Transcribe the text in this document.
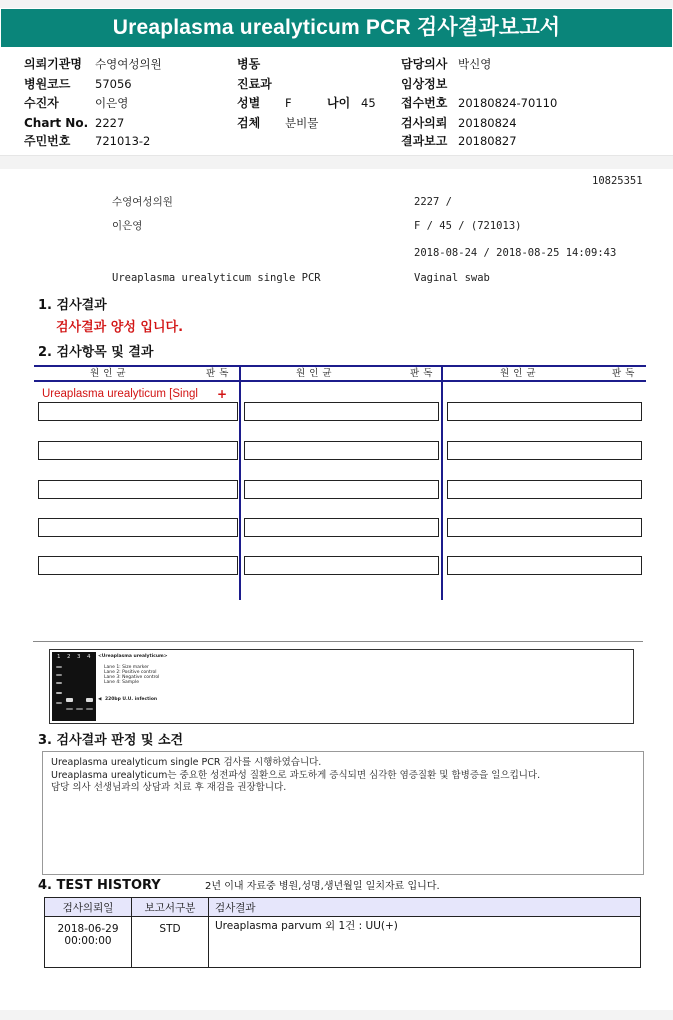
Ureaplasma urealyticum PCR 검사결과보고서
의뢰기관명 수영여성의원
병원코드 57056
수진자	이은영
Chart No. 2227
주민번호 721013-2
병동
진료과
성별 F	나이 45
검체 분비물
담당의사 박신영
임상정보
접수번호 20180824-70110
검사의뢰 20180824
결과보고 20180827
10825351
수영여성의원	2227 /
이은영	F / 45 / (721013)
2018-08-24 / 2018-08-25 14:09:43
Ureaplasma urealyticum single PCR	Vaginal swab
1. 검사결과
검사결과 양성 입니다.
2. 검사항목 및 결과
원 인 균	판 독	원 인 균	판 독	원 인 균	판 독
Ureaplasma urealyticum [Singl +
1 2 3 4 <Ureaplasma urealyticum>
Lane 1: Size marker
Lane 2: Positive control
Lane 3: Negative control
Lane 4: Sample
◀ 220bp U.U. infection
3. 검사결과 판정 및 소견
Ureaplasma urealyticum single PCR 검사를 시행하였습니다.
Ureaplasma urealyticum는 중요한 성전파성 질환으로 과도하게 증식되면 심각한 염증질환 및 합병증을 일으킵니다.
담당 의사 선생님과의 상담과 치료 후 재검을 권장합니다.
4. TEST HISTORY	2년 이내 자료중 병원,성명,생년월일 일치자료 입니다.
검사의뢰일	보고서구분	검사결과

2018-06-29
00:00:00	STD	Ureaplasma parvum 외 1건 : UU(+)
